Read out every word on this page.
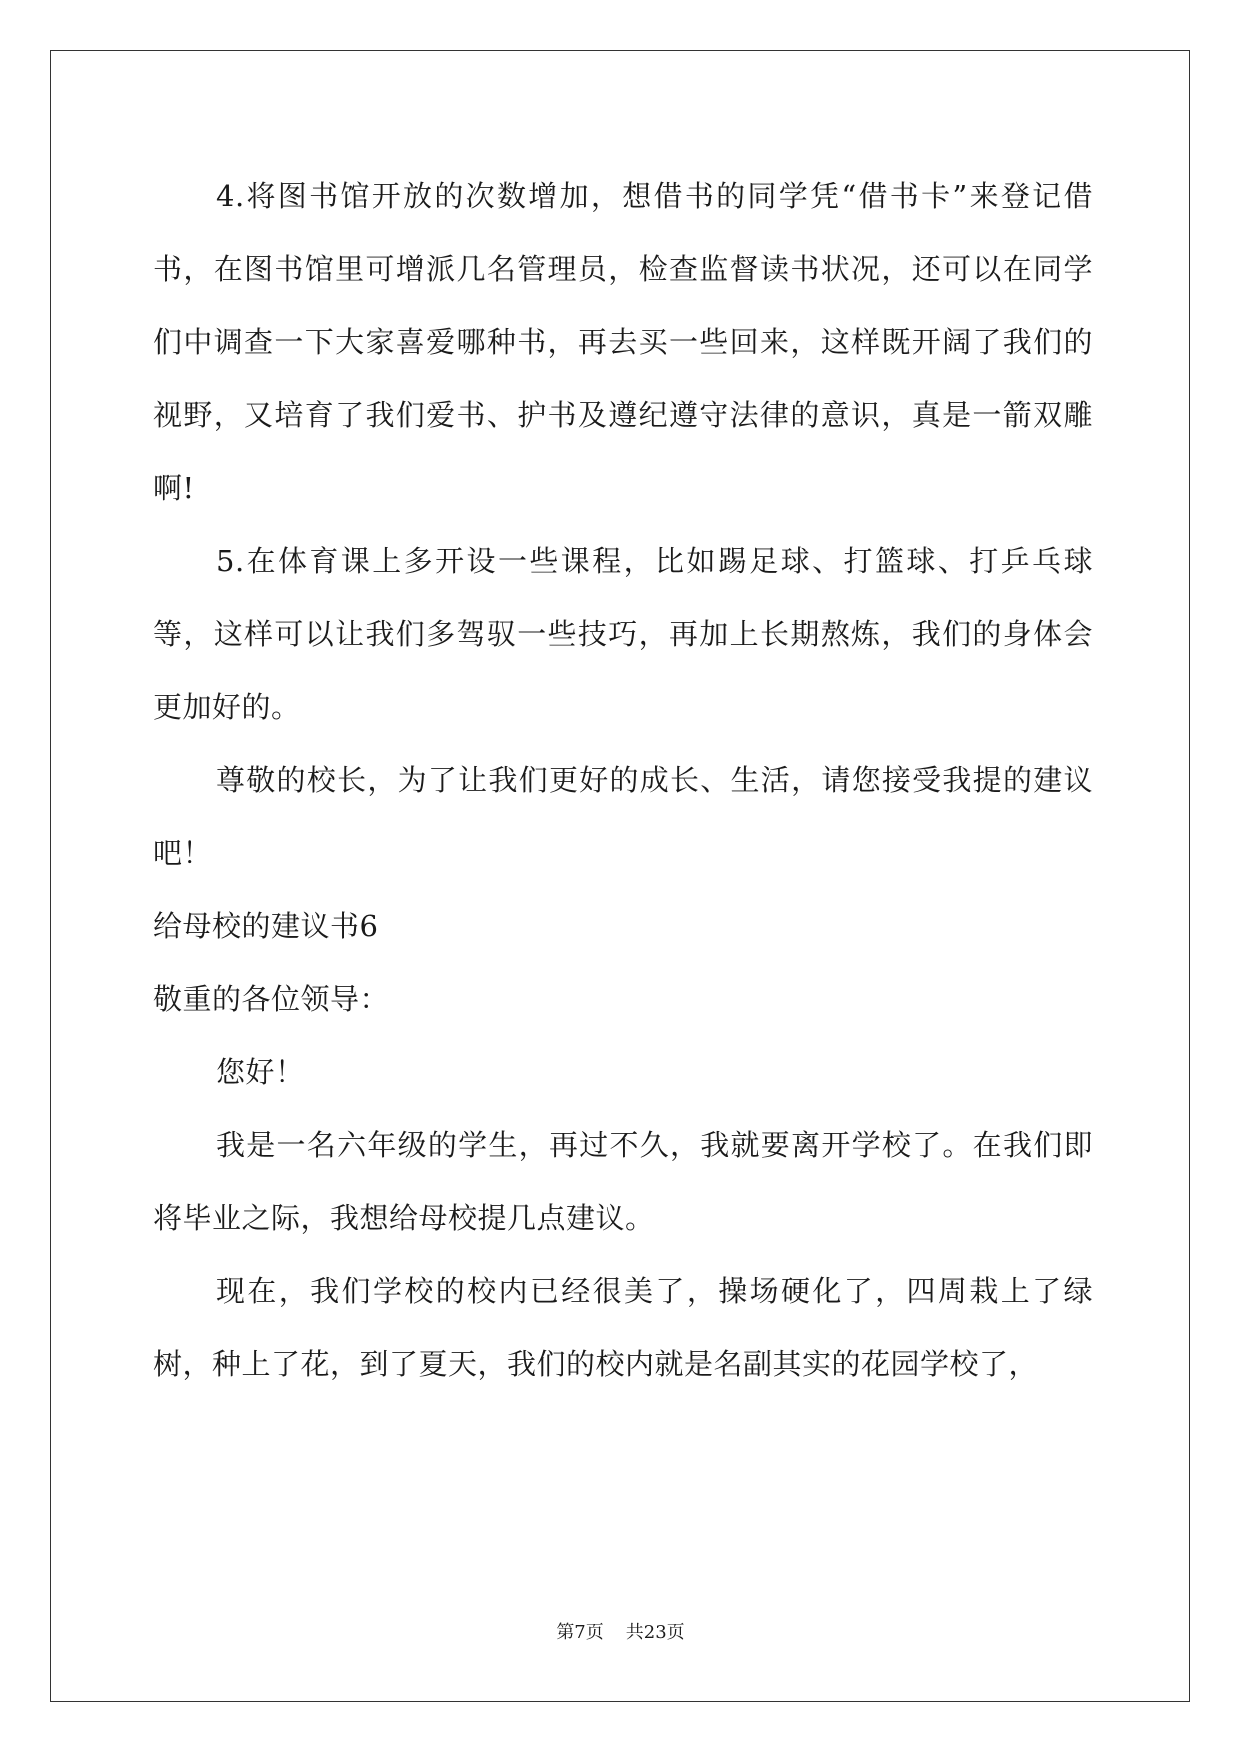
4.将图书馆开放的次数增加，想借书的同学凭“借书卡”来登记借书，在图书馆里可增派几名管理员，检查监督读书状况，还可以在同学们中调查一下大家喜爱哪种书，再去买一些回来，这样既开阔了我们的视野，又培育了我们爱书、护书及遵纪遵守法律的意识，真是一箭双雕啊!

5.在体育课上多开设一些课程，比如踢足球、打篮球、打乒乓球等，这样可以让我们多驾驭一些技巧，再加上长期熬炼，我们的身体会更加好的。

尊敬的校长，为了让我们更好的成长、生活，请您接受我提的建议吧！

给母校的建议书6

敬重的各位领导：

您好！

我是一名六年级的学生，再过不久，我就要离开学校了。在我们即将毕业之际，我想给母校提几点建议。

现在，我们学校的校内已经很美了，操场硬化了，四周栽上了绿树，种上了花，到了夏天，我们的校内就是名副其实的花园学校了，

第7页 共23页
